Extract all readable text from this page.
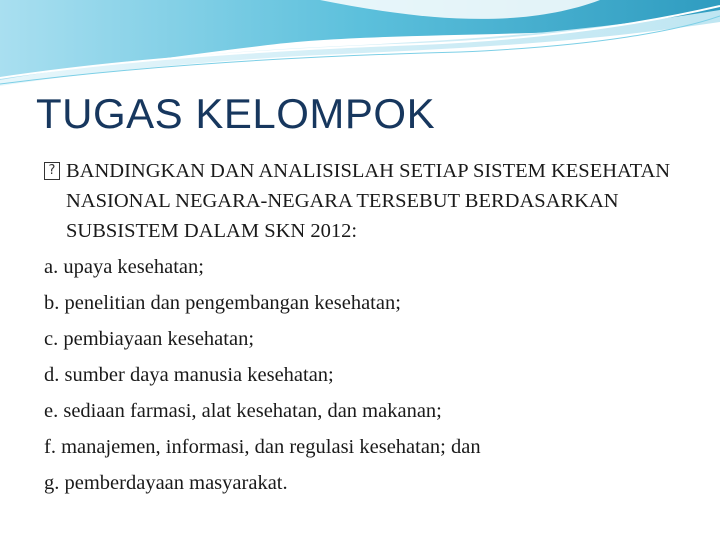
TUGAS KELOMPOK
? BANDINGKAN DAN ANALISISLAH SETIAP SISTEM KESEHATAN NASIONAL NEGARA-NEGARA TERSEBUT BERDASARKAN SUBSISTEM DALAM SKN 2012:
a. upaya kesehatan;
b. penelitian dan pengembangan kesehatan;
c. pembiayaan kesehatan;
d. sumber daya manusia kesehatan;
e. sediaan farmasi, alat kesehatan, dan makanan;
f. manajemen, informasi, dan regulasi kesehatan; dan
g. pemberdayaan masyarakat.
